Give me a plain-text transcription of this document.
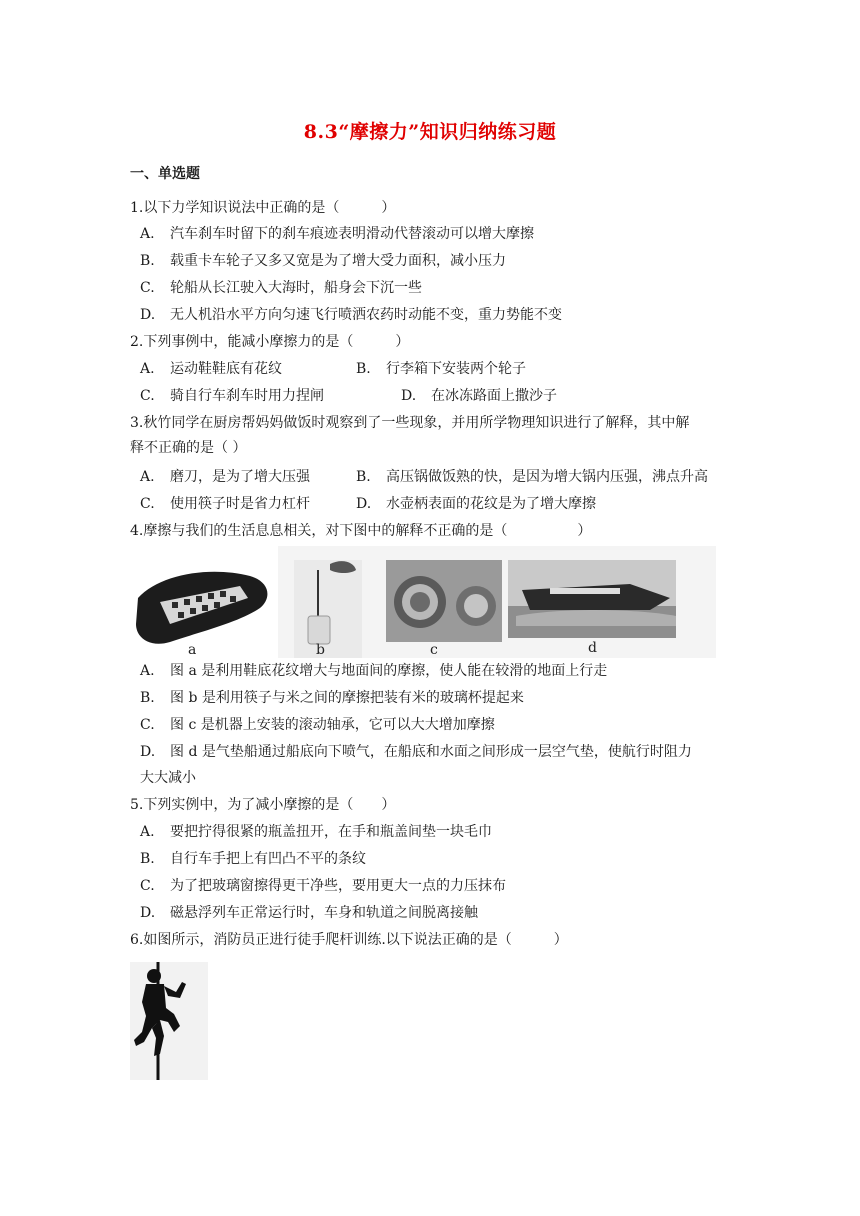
8.3“摩擦力”知识归纳练习题
一、单选题
1.以下力学知识说法中正确的是（　　　）
A. 汽车刹车时留下的刹车痕迹表明滑动代替滚动可以增大摩擦
B. 载重卡车轮子又多又宽是为了增大受力面积，减小压力
C. 轮船从长江驶入大海时，船身会下沉一些
D. 无人机沿水平方向匀速飞行喷洒农药时动能不变，重力势能不变
2.下列事例中，能减小摩擦力的是（　　　）
A. 运动鞋鞋底有花纹	B. 行李箱下安装两个轮子
C. 骑自行车刹车时用力捏闸	D. 在冰冻路面上撒沙子
3.秋竹同学在厨房帮妈妈做饭时观察到了一些现象，并用所学物理知识进行了解释，其中解
释不正确的是（ ）
A. 磨刀，是为了增大压强	B. 高压锅做饭熟的快，是因为增大锅内压强，沸点升高
C. 使用筷子时是省力杠杆	D. 水壶柄表面的花纹是为了增大摩擦
4.摩擦与我们的生活息息相关，对下图中的解释不正确的是（　　　　　）
a	b	c	d
A. 图 a 是利用鞋底花纹增大与地面间的摩擦，使人能在较滑的地面上行走
B. 图 b 是利用筷子与米之间的摩擦把装有米的玻璃杯提起来
C. 图 c 是机器上安装的滚动轴承，它可以大大增加摩擦
D. 图 d 是气垫船通过船底向下喷气，在船底和水面之间形成一层空气垫，使航行时阻力
大大减小
5.下列实例中，为了减小摩擦的是（　　）
A. 要把拧得很紧的瓶盖扭开，在手和瓶盖间垫一块毛巾
B. 自行车手把上有凹凸不平的条纹
C. 为了把玻璃窗擦得更干净些，要用更大一点的力压抹布
D. 磁悬浮列车正常运行时，车身和轨道之间脱离接触
6.如图所示，消防员正进行徒手爬杆训练.以下说法正确的是（　　　）
